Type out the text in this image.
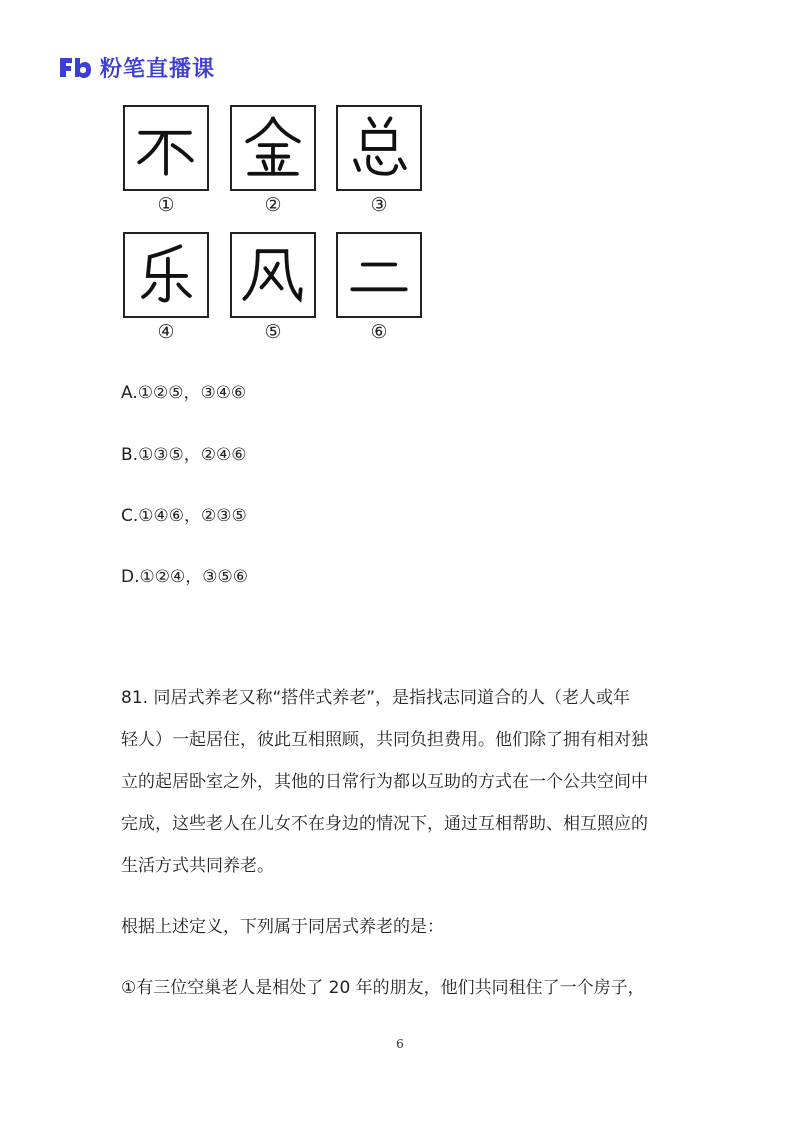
粉笔直播课
①	②	③
④	⑤	⑥
A.①②⑤，③④⑥
B.①③⑤，②④⑥
C.①④⑥，②③⑤
D.①②④，③⑤⑥
81. 同居式养老又称“搭伴式养老”，是指找志同道合的人（老人或年
轻人）一起居住，彼此互相照顾，共同负担费用。他们除了拥有相对独
立的起居卧室之外，其他的日常行为都以互助的方式在一个公共空间中
完成，这些老人在儿女不在身边的情况下，通过互相帮助、相互照应的
生活方式共同养老。
根据上述定义，下列属于同居式养老的是：
①有三位空巢老人是相处了 20 年的朋友，他们共同租住了一个房子，
6
